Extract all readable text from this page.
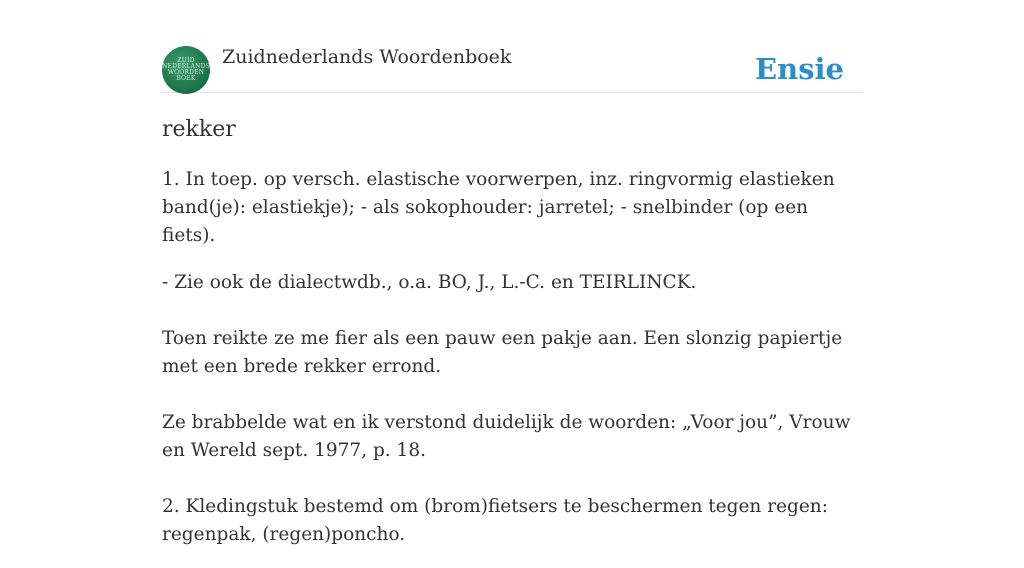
ZUID
NEDERLANDS
WOORDEN
BOEK
Zuidnederlands Woordenboek	Ensie
rekker

1. In toep. op versch. elastische voorwerpen, inz. ringvormig elastieken band(je): elastiekje); - als sokophouder: jarretel; - snelbinder (op een fiets).

- Zie ook de dialectwdb., o.a. BO, J., L.-C. en TEIRLINCK.

Toen reikte ze me fier als een pauw een pakje aan. Een slonzig papiertje met een brede rekker errond.

Ze brabbelde wat en ik verstond duidelijk de woorden: „Voor jou”, Vrouw en Wereld sept. 1977, p. 18.

2. Kledingstuk bestemd om (brom)fietsers te beschermen tegen regen: regenpak, (regen)poncho.
